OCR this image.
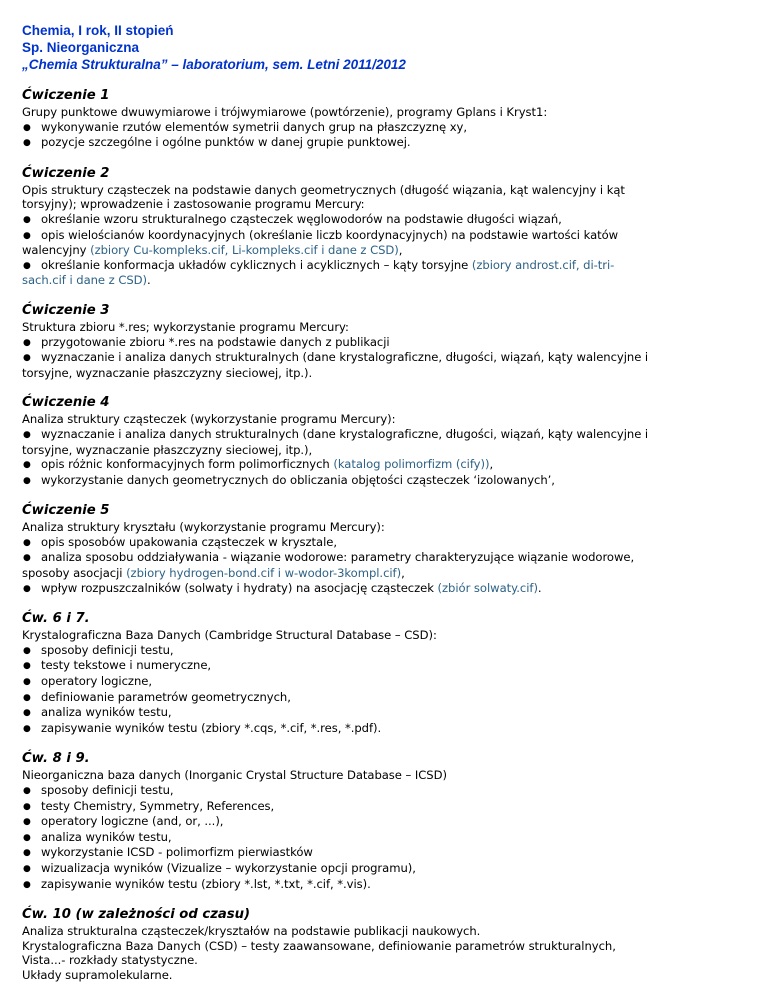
Chemia, I rok, II stopień
Sp. Nieorganiczna
„Chemia Strukturalna” – laboratorium, sem. Letni 2011/2012
Ćwiczenie 1

Grupy punktowe dwuwymiarowe i trójwymiarowe (powtórzenie), programy Gplans i Kryst1:

● wykonywanie rzutów elementów symetrii danych grup na płaszczyznę xy,

● pozycje szczególne i ogólne punktów w danej grupie punktowej.

Ćwiczenie 2

Opis struktury cząsteczek na podstawie danych geometrycznych (długość wiązania, kąt walencyjny i kąt

torsyjny); wprowadzenie i zastosowanie programu Mercury:

● określanie wzoru strukturalnego cząsteczek węglowodorów na podstawie długości wiązań,

● opis wielościanów koordynacyjnych (określanie liczb koordynacyjnych) na podstawie wartości katów

walencyjny (zbiory Cu-kompleks.cif, Li-kompleks.cif i dane z CSD),

● określanie konformacja układów cyklicznych i acyklicznych – kąty torsyjne (zbiory androst.cif, di-tri-

sach.cif i dane z CSD).

Ćwiczenie 3

Struktura zbioru *.res; wykorzystanie programu Mercury:

● przygotowanie zbioru *.res na podstawie danych z publikacji

● wyznaczanie i analiza danych strukturalnych (dane krystalograficzne, długości, wiązań, kąty walencyjne i

torsyjne, wyznaczanie płaszczyzny sieciowej, itp.).

Ćwiczenie 4

Analiza struktury cząsteczek (wykorzystanie programu Mercury):

● wyznaczanie i analiza danych strukturalnych (dane krystalograficzne, długości, wiązań, kąty walencyjne i

torsyjne, wyznaczanie płaszczyzny sieciowej, itp.),

● opis różnic konformacyjnych form polimorficznych (katalog polimorfizm (cify)),

● wykorzystanie danych geometrycznych do obliczania objętości cząsteczek ‘izolowanych’,

Ćwiczenie 5

Analiza struktury kryształu (wykorzystanie programu Mercury):

● opis sposobów upakowania cząsteczek w krysztale,

● analiza sposobu oddziaływania - wiązanie wodorowe: parametry charakteryzujące wiązanie wodorowe,

sposoby asocjacji (zbiory hydrogen-bond.cif i w-wodor-3kompl.cif),

● wpływ rozpuszczalników (solwaty i hydraty) na asocjację cząsteczek (zbiór solwaty.cif).

Ćw. 6 i 7.

Krystalograficzna Baza Danych (Cambridge Structural Database – CSD):

● sposoby definicji testu,

● testy tekstowe i numeryczne,

● operatory logiczne,

● definiowanie parametrów geometrycznych,

● analiza wyników testu,

● zapisywanie wyników testu (zbiory *.cqs, *.cif, *.res, *.pdf).

Ćw. 8 i 9.

Nieorganiczna baza danych (Inorganic Crystal Structure Database – ICSD)

● sposoby definicji testu,

● testy Chemistry, Symmetry, References,

● operatory logiczne (and, or, ...),

● analiza wyników testu,

● wykorzystanie ICSD - polimorfizm pierwiastków

● wizualizacja wyników (Vizualize – wykorzystanie opcji programu),

● zapisywanie wyników testu (zbiory *.lst, *.txt, *.cif, *.vis).

Ćw. 10 (w zależności od czasu)

Analiza strukturalna cząsteczek/kryształów na podstawie publikacji naukowych.

Krystalograficzna Baza Danych (CSD) – testy zaawansowane, definiowanie parametrów strukturalnych,

Vista...- rozkłady statystyczne.

Układy supramolekularne.
